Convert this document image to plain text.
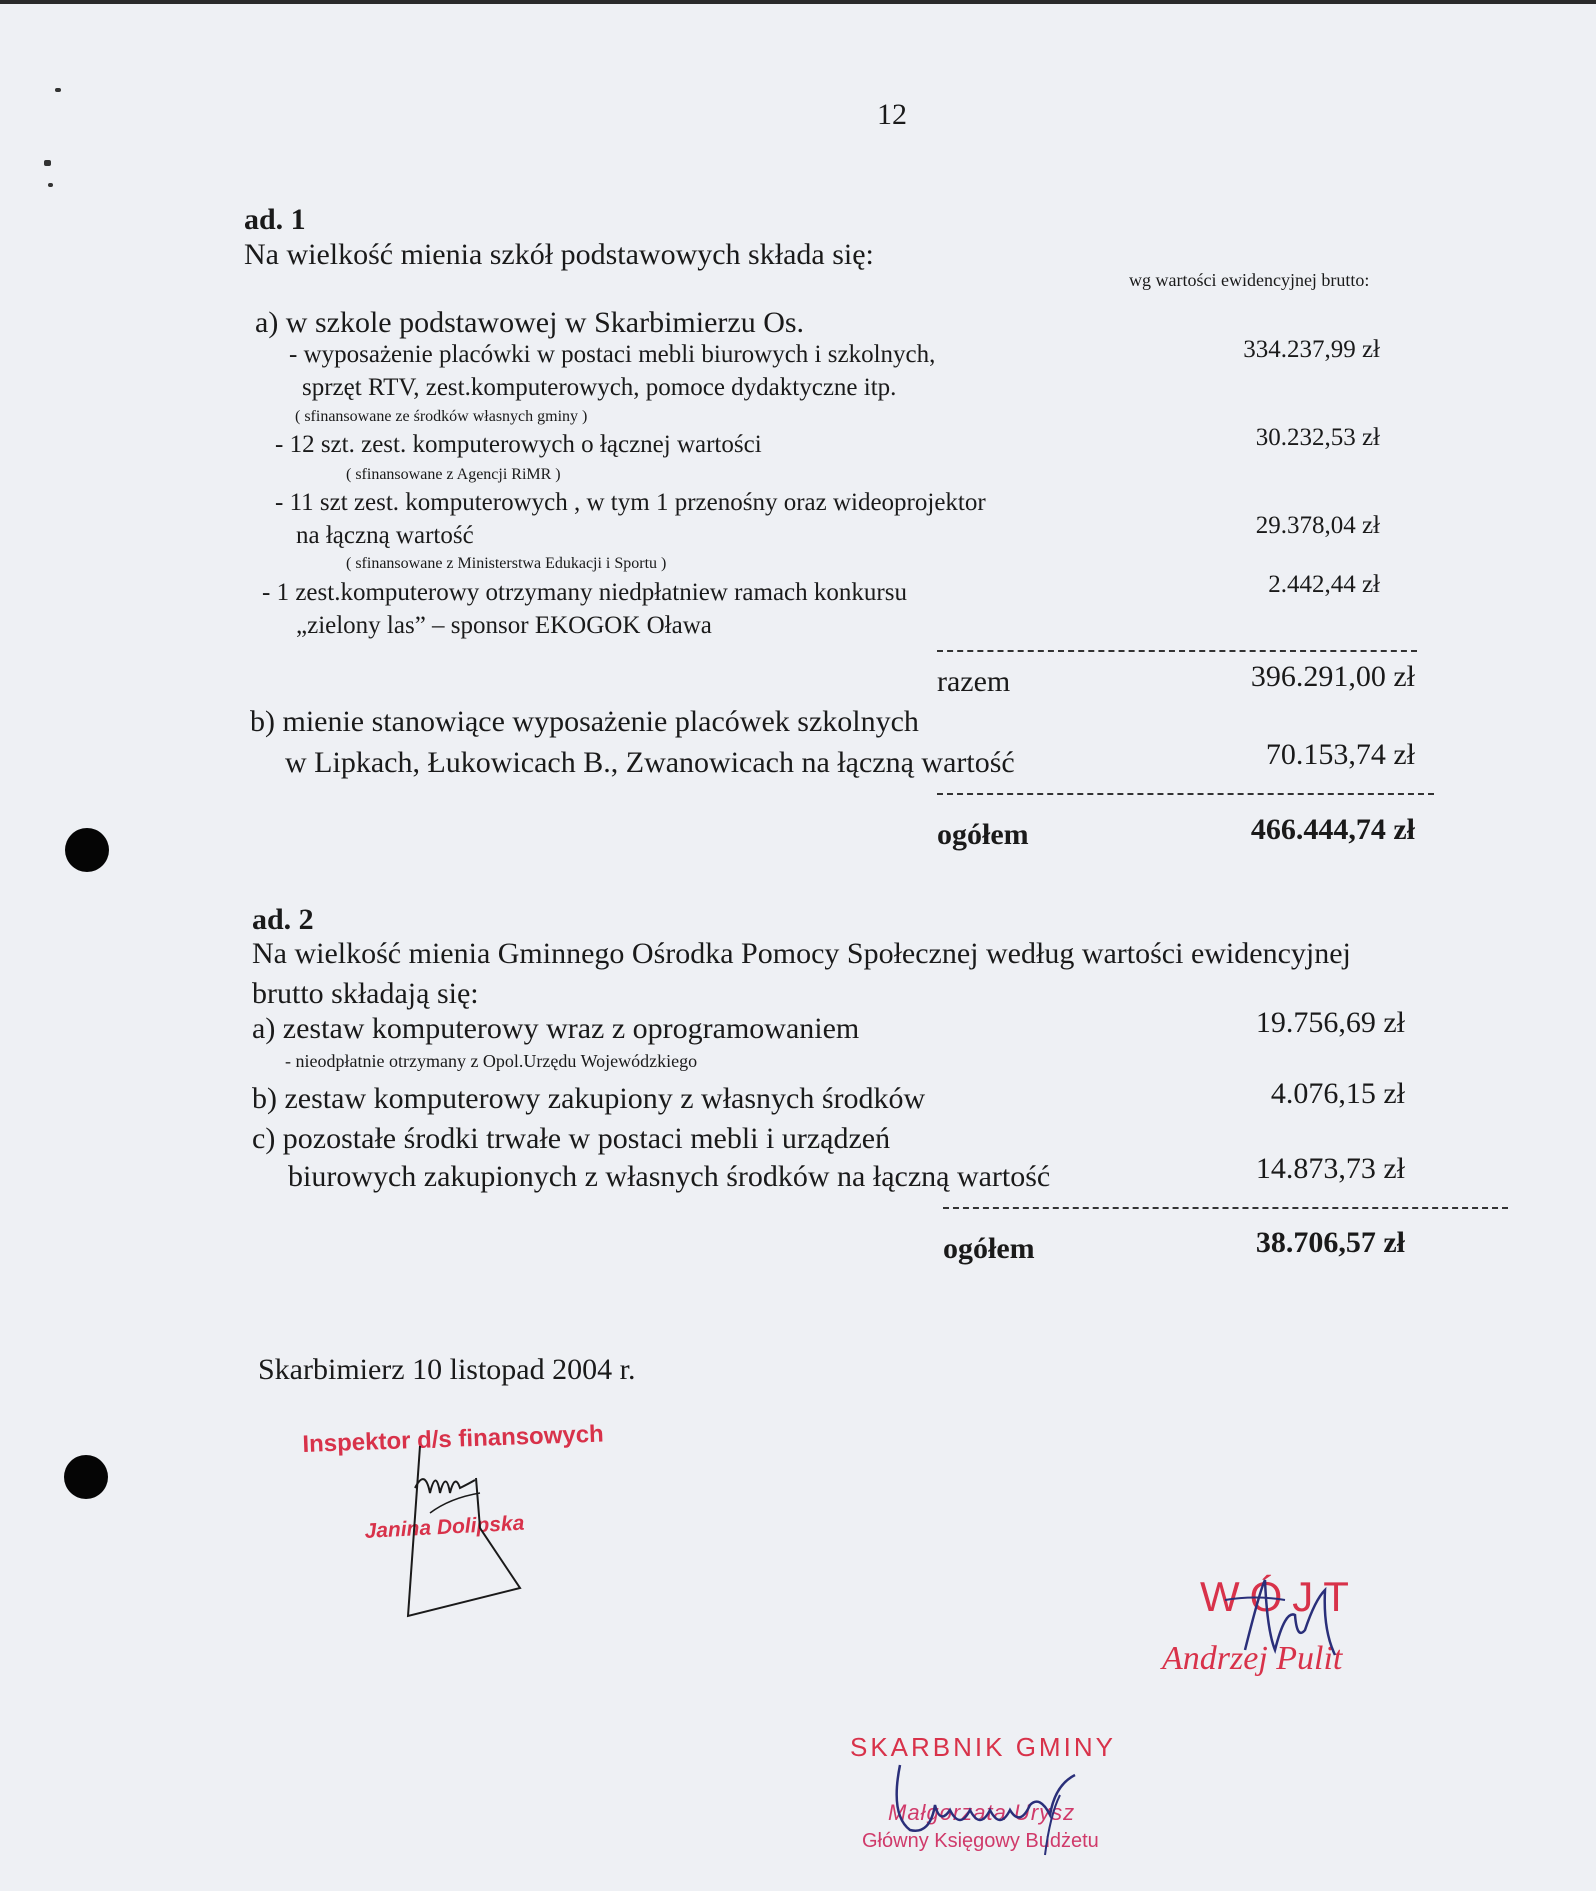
12
ad. 1
Na wielkość mienia szkół podstawowych składa się:
wg wartości ewidencyjnej brutto:
a) w szkole podstawowej w Skarbimierzu Os.
- wyposażenie placówki w postaci mebli biurowych i szkolnych,	334.237,99 zł
sprzęt RTV, zest.komputerowych, pomoce dydaktyczne itp.
( sfinansowane ze środków własnych gminy )
- 12 szt. zest. komputerowych o łącznej wartości	30.232,53 zł
( sfinansowane z Agencji RiMR )
- 11 szt zest. komputerowych , w tym 1 przenośny oraz wideoprojektor
na łączną wartość	29.378,04 zł
( sfinansowane z Ministerstwa Edukacji i Sportu )
- 1 zest.komputerowy otrzymany niedpłatniew ramach konkursu	2.442,44 zł
„zielony las” – sponsor EKOGOK Oława
razem	396.291,00 zł
b) mienie stanowiące wyposażenie placówek szkolnych
w Lipkach, Łukowicach B., Zwanowicach na łączną wartość	70.153,74 zł
ogółem	466.444,74 zł
ad. 2
Na wielkość mienia Gminnego Ośrodka Pomocy Społecznej według wartości ewidencyjnej
brutto składają się:
a) zestaw komputerowy wraz z oprogramowaniem	19.756,69 zł
- nieodpłatnie otrzymany z Opol.Urzędu Wojewódzkiego
b) zestaw komputerowy zakupiony z własnych środków	4.076,15 zł
c) pozostałe środki trwałe w postaci mebli i urządzeń
biurowych zakupionych z własnych środków na łączną wartość	14.873,73 zł
ogółem	38.706,57 zł
Skarbimierz 10 listopad 2004 r.
Inspektor d/s finansowych
Janina Dolipska
WÓJT
Andrzej Pulit
SKARBNIK GMINY
Małgorzata Urysz
Główny Księgowy Budżetu
